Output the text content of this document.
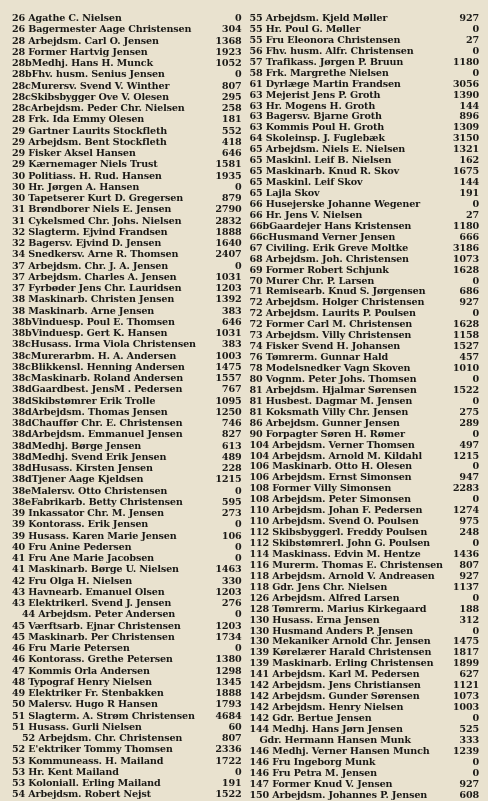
26 Agathe C. Nielsen	0
26 Bagermester Aage Christensen	304
28 Arbejdsm. Carl O. Jensen	1368
28 Former Hartvig Jensen	1923
28bMedhj. Hans H. Munck	1052
28bFhv. husm. Senius Jensen	0
28cMurersv. Svend V. Winther	807
28cSkibsbygger Ove V. Olesen	295
28cArbejdsm. Peder Chr. Nielsen	258
28 Frk. Ida Emmy Olesen	181
29 Gartner Laurits Stockfleth	552
29 Arbejdsm. Bent Stockfleth	418
29 Fisker Aksel Hansen	646
29 Kærnemager Niels Trust	1581
30 Politiass. H. Rud. Hansen	1935
30 Hr. Jørgen A. Hansen	0
30 Tapetserer Kurt D. Gregersen	879
31 Brøndborer Niels E. Jensen	2790
31 Cykelsmed Chr. Johs. Nielsen	2832
32 Slagterm. Ejvind Frandsen	1888
32 Bagersv. Ejvind D. Jensen	1640
34 Snedkersv. Arne R. Thomsen	2407
37 Arbejdsm. Chr. J. A. Jensen	0
37 Arbejdsm. Charles A. Jensen	1031
37 Fyrbøder Jens Chr. Lauridsen	1203
38 Maskinarb. Christen Jensen	1392
38 Maskinarb. Arne Jensen	383
38bVinduesp. Poul E. Thomsen	646
38bVinduesp. Gert K. Hansen	1031
38cHusass. Irma Viola Christensen	383
38cMurerarbm. H. A. Andersen	1003
38cBlikkensl. Henning Andersen	1475
38cMaskinarb. Roland Andersen	1557
38dGaardbest. JensM . Pedersen	767
38dSkibstømrer Erik Trolle	1095
38dArbejdsm. Thomas Jensen	1250
38dChauffør Chr. E. Christensen	746
38dArbejdsm. Emmanuel Jensen	827
38dMedhj. Børge Jensen	613
38dMedhj. Svend Erik Jensen	489
38dHusass. Kirsten Jensen	228
38dTjener Aage Kjeldsen	1215
38eMalersv. Otto Christensen	0
38eFabrikarb. Betty Christensen	595
39 Inkassator Chr. M. Jensen	273
39 Kontorass. Erik Jensen	0
39 Husass. Karen Marie Jensen	106
40 Fru Anine Pedersen	0
41 Fru Ane Marie Jacobsen	0
41 Maskinarb. Børge U. Nielsen	1463
42 Fru Olga H. Nielsen	330
43 Havnearb. Emanuel Olsen	1203
43 Elektrikerl. Svend J. Jensen	276
44 Arbejdsm. Peter Andersen	0
45 Værftsarb. Ejnar Christensen	1203
45 Maskinarb. Per Christensen	1734
46 Fru Marie Petersen	0
46 Kontorass. Grethe Petersen	1380
47 Kommis Orla Andersen	1298
48 Typograf Henry Nielsen	1345
49 Elektriker Fr. Stenbakken	1888
50 Malersv. Hugo R Hansen	1793
51 Slagterm. A. Strøm Christensen	4684
51 Husass. Gurli Nielsen	60
52 Arbejdsm. Chr. Christensen	807
52 E'ektriker Tommy Thomsen	2336
53 Kommuneass. H. Mailand	1722
53 Hr. Kent Mailand	0
53 Koloniall. Erling Mailand	191
54 Arbejdsm. Robert Nejst	1522
55 Arbejdsm. Kjeld Møller	927
55 Hr. Poul G. Møller	0
55 Fru Eleonora Christensen	27
56 Fhv. husm. Alfr. Christensen	0
57 Trafikass. Jørgen P. Bruun	1180
58 Frk. Margrethe Nielsen	0
61 Dyrlæge Martin Frandsen	3056
63 Mejerist Jens P. Groth	1390
63 Hr. Mogens H. Groth	144
63 Bagersv. Bjarne Groth	896
63 Kommis Poul H. Groth	1309
64 Skoleinsp. J. Fuglebæk	3150
65 Arbejdsm. Niels E. Nielsen	1321
65 Maskinl. Leif B. Nielsen	162
65 Maskinarb. Knud R. Skov	1675
65 Maskinl. Leif Skov	144
65 Lajla Skov	191
66 Husejerske Johanne Wegener	0
66 Hr. Jens V. Nielsen	27
66bGaardejer Hans Kristensen	1180
66cHusmand Verner Jensen	666
67 Civiling. Erik Greve Moltke	3186
68 Arbejdsm. Joh. Christensen	1073
69 Former Robert Schjunk	1628
70 Murer Chr. P. Larsen	0
71 Remisearb. Knud S. Jørgensen	686
72 Arbejdsm. Holger Christensen	927
72 Arbejdsm. Laurits P. Poulsen	0
72 Former Carl M. Christensen	1628
73 Arbejdsm. Villy Christensen	1158
74 Fisker Svend H. Johansen	1527
76 Tømrerm. Gunnar Hald	457
78 Modelsnedker Vagn Skoven	1010
80 Vognm. Peter Johs. Thomsen	0
81 Arbejdsm. Hjalmar Sørensen	1522
81 Husbest. Dagmar M. Jensen	0
81 Koksmath Villy Chr. Jensen	275
86 Arbejdsm. Gunner Jensen	289
90 Forpagter Søren H. Rømer	0
104 Arbejdsm. Verner Thomsen	497
104 Arbejdsm. Arnold M. Kildahl	1215
106 Maskinarb. Otto H. Olesen	0
106 Arbejdsm. Ernst Simonsen	947
108 Former Villy Simonsen	2283
108 Arbejdsm. Peter Simonsen	0
110 Arbejdsm. Johan F. Pedersen	1274
110 Arbejdsm. Svend O. Poulsen	975
112 Skibsbyggerl. Freddy Poulsen	248
112 Skibstømrerl. John G. Poulsen	0
114 Maskinass. Edvin M. Hentze	1436
116 Murerm. Thomas E. Christensen	807
118 Arbejdsm. Arnold V. Andreasen	927
118 Gdr. Jens Chr. Nielsen	1137
126 Arbejdsm. Alfred Larsen	0
128 Tømrerm. Marius Kirkegaard	188
130 Husass. Erna Jensen	312
130 Husmand Anders P. Jensen	0
130 Mekaniker Arnold Chr. Jensen	1475
139 Kørelærer Harald Christensen	1817
139 Maskinarb. Erling Christensen	1899
141 Arbejdsm. Karl M. Pedersen	627
142 Arbejdsm. Jens Christiansen	1121
142 Arbejdsm. Gunder Sørensen	1073
142 Arbejdsm. Henry Nielsen	1003
142 Gdr. Bertue Jensen	0
144 Medhj. Hans Jørn Jensen	525
Gdr. Hermann Hansen Munk	333
146 Medhj. Verner Hansen Munch	1239
146 Fru Ingeborg Munk	0
146 Fru Petra M. Jensen	0
147 Former Knud V. Jensen	927
150 Arbejdsm. Johannes P. Jensen	608
